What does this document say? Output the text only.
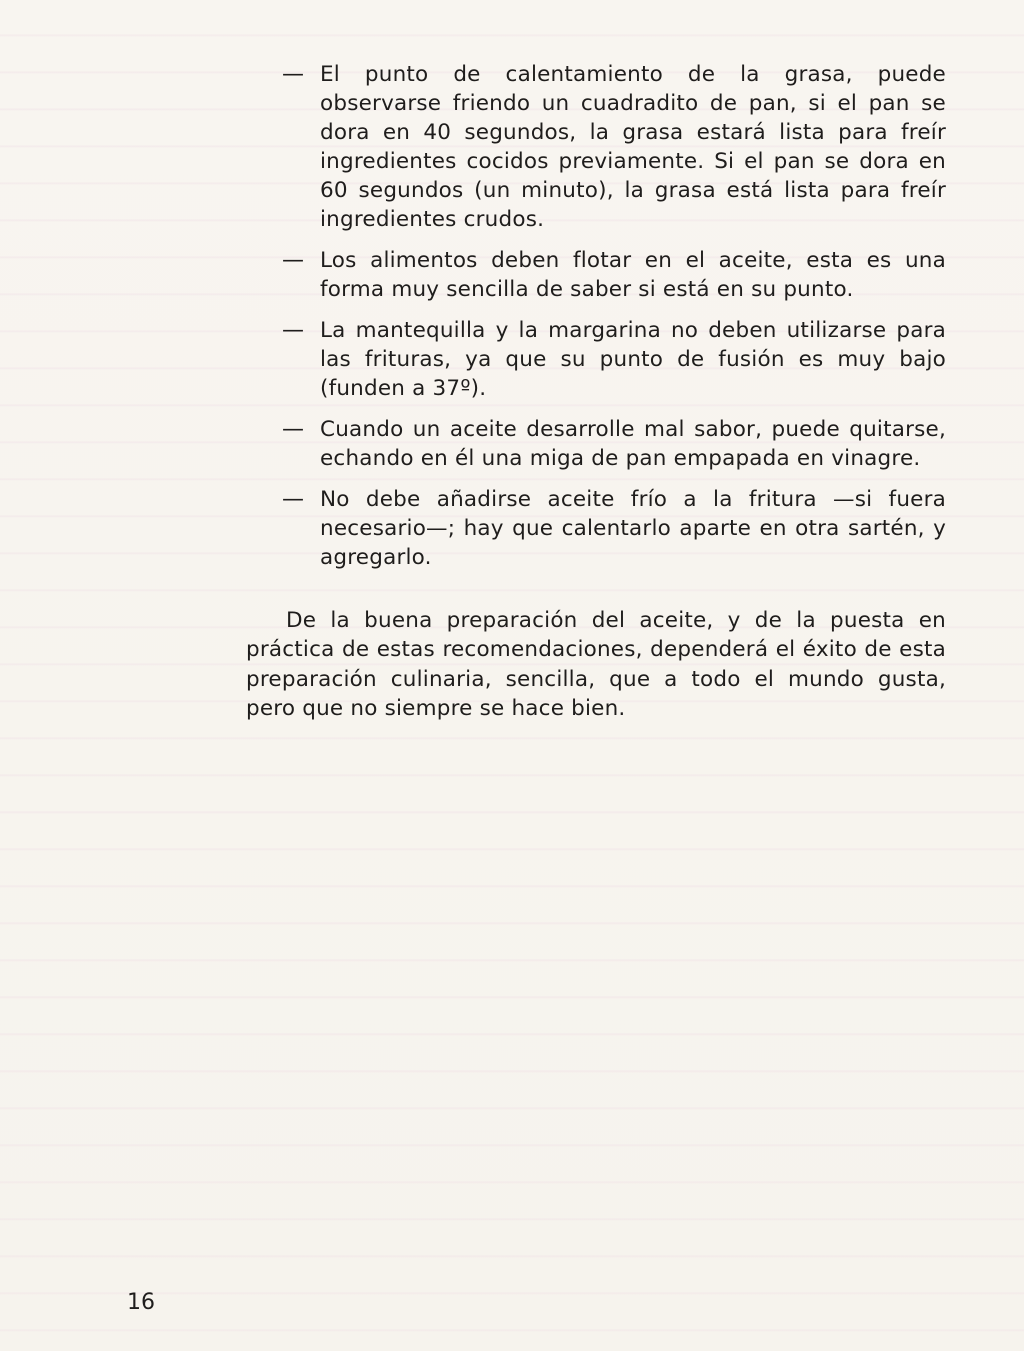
— El punto de calentamiento de la grasa, puede observarse friendo un cuadradito de pan, si el pan se dora en 40 segundos, la grasa estará lista para freír ingredientes cocidos previamente. Si el pan se dora en 60 segundos (un minuto), la grasa está lista para freír ingredientes crudos.
— Los alimentos deben flotar en el aceite, esta es una forma muy sencilla de saber si está en su punto.
— La mantequilla y la margarina no deben utilizarse para las frituras, ya que su punto de fusión es muy bajo (funden a 37º).
— Cuando un aceite desarrolle mal sabor, puede quitarse, echando en él una miga de pan empapada en vinagre.
— No debe añadirse aceite frío a la fritura —si fuera necesario—; hay que calentarlo aparte en otra sartén, y agregarlo.

De la buena preparación del aceite, y de la puesta en práctica de estas recomendaciones, dependerá el éxito de esta preparación culinaria, sencilla, que a todo el mundo gusta, pero que no siempre se hace bien.

16
